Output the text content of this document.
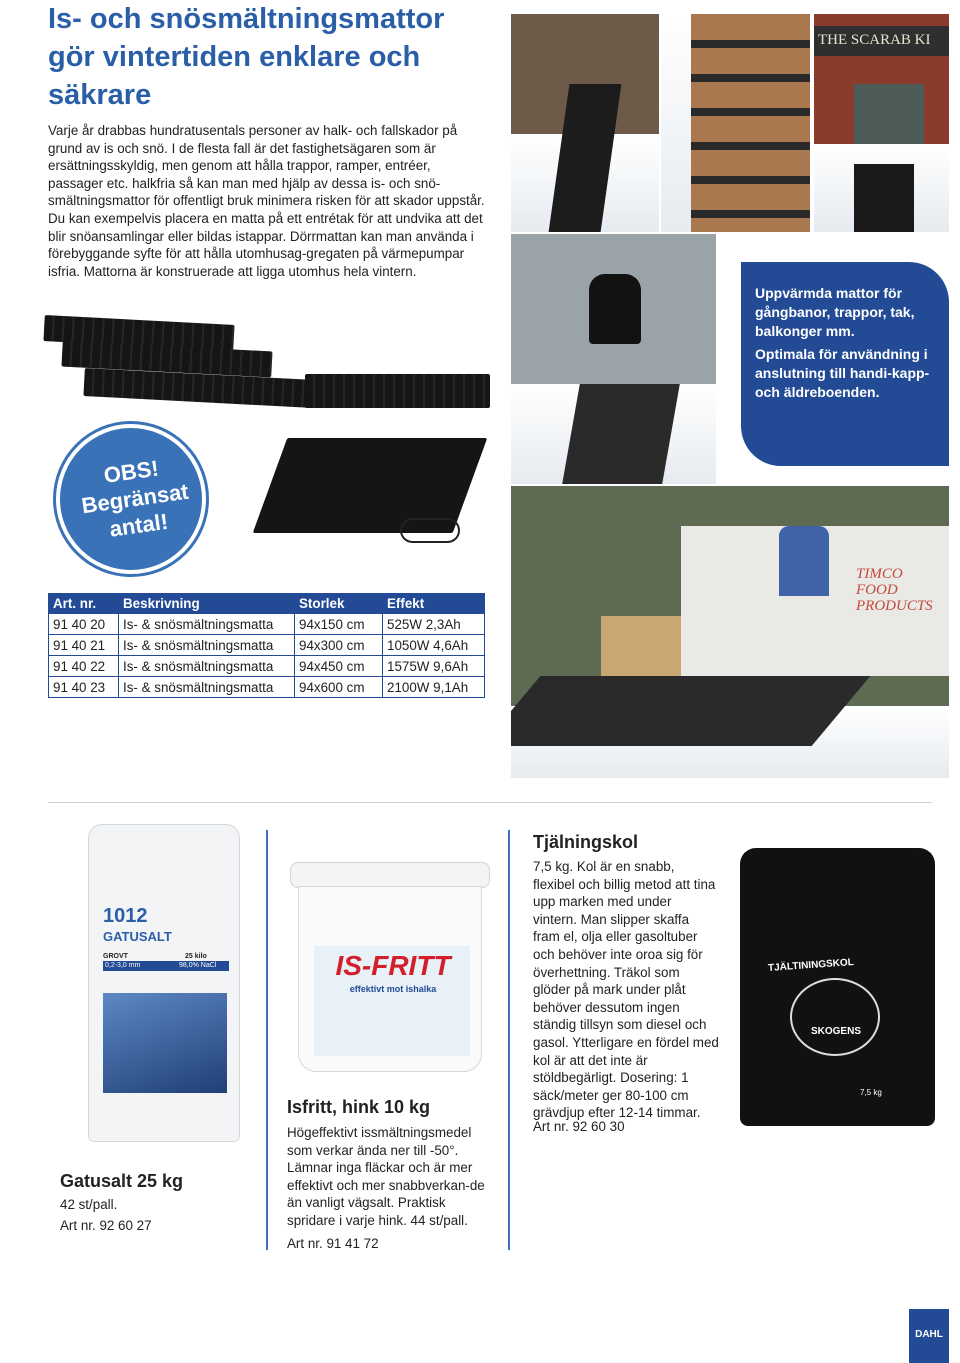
Is- och snösmältningsmattor gör vintertiden enklare och säkrare
Varje år drabbas hundratusentals personer av halk- och fallskador på grund av is och snö. I de flesta fall är det fastighetsägaren som är ersättningsskyldig, men genom att hålla trappor, ramper, entréer, passager etc. halkfria så kan man med hjälp av dessa is- och snö-smältningsmattor för offentligt bruk minimera risken för att skador uppstår. Du kan exempelvis placera en matta på ett entrétak för att undvika att det blir snöansamlingar eller bildas istappar. Dörrmattan kan man använda i förebyggande syfte för att hålla utomhusag-gregaten på värmepumpar isfria. Mattorna är konstruerade att ligga utomhus hela vintern.
THE SCARAB KI

Uppvärmda mattor för gångbanor, trappor, tak, balkonger mm.

Optimala för användning i anslutning till handi-kapp- och äldreboenden.

OBS!
Begränsat
antal!
TIMCO FOOD PRODUCTS
Art. nr.	Beskrivning	Storlek	Effekt
91 40 20	Is- & snösmältningsmatta	94x150 cm	525W 2,3Ah
91 40 21	Is- & snösmältningsmatta	94x300 cm	1050W 4,6Ah
91 40 22	Is- & snösmältningsmatta	94x450 cm	1575W 9,6Ah
91 40 23	Is- & snösmältningsmatta	94x600 cm	2100W 9,1Ah
1012
GATUSALT
GROVT	25 kilo
0,2-3,0 mm	98,0% NaCl
Gatusalt 25 kg
42 st/pall.
Art nr. 92 60 27
IS-FRITT
effektivt mot ishalka
Isfritt, hink 10 kg
Högeffektivt issmältningsmedel som verkar ända ner till -50°. Lämnar inga fläckar och är mer effektivt och mer snabbverkan-de än vanligt vägsalt. Praktisk spridare i varje hink. 44 st/pall.
Art nr. 91 41 72
Tjälningskol
7,5 kg. Kol är en snabb, flexibel och billig metod att tina upp marken med under vintern. Man slipper skaffa fram el, olja eller gasoltuber och behöver inte oroa sig för överhettning. Träkol som glöder på mark under plåt behöver dessutom ingen ständig tillsyn som diesel och gasol. Ytterligare en fördel med kol är att det inte är stöldbegärligt. Dosering: 1 säck/meter ger 80-100 cm grävdjup efter 12-14 timmar.
Art nr. 92 60 30
TJÄLTININGSKOL
SKOGENS
7,5 kg
DAHL
